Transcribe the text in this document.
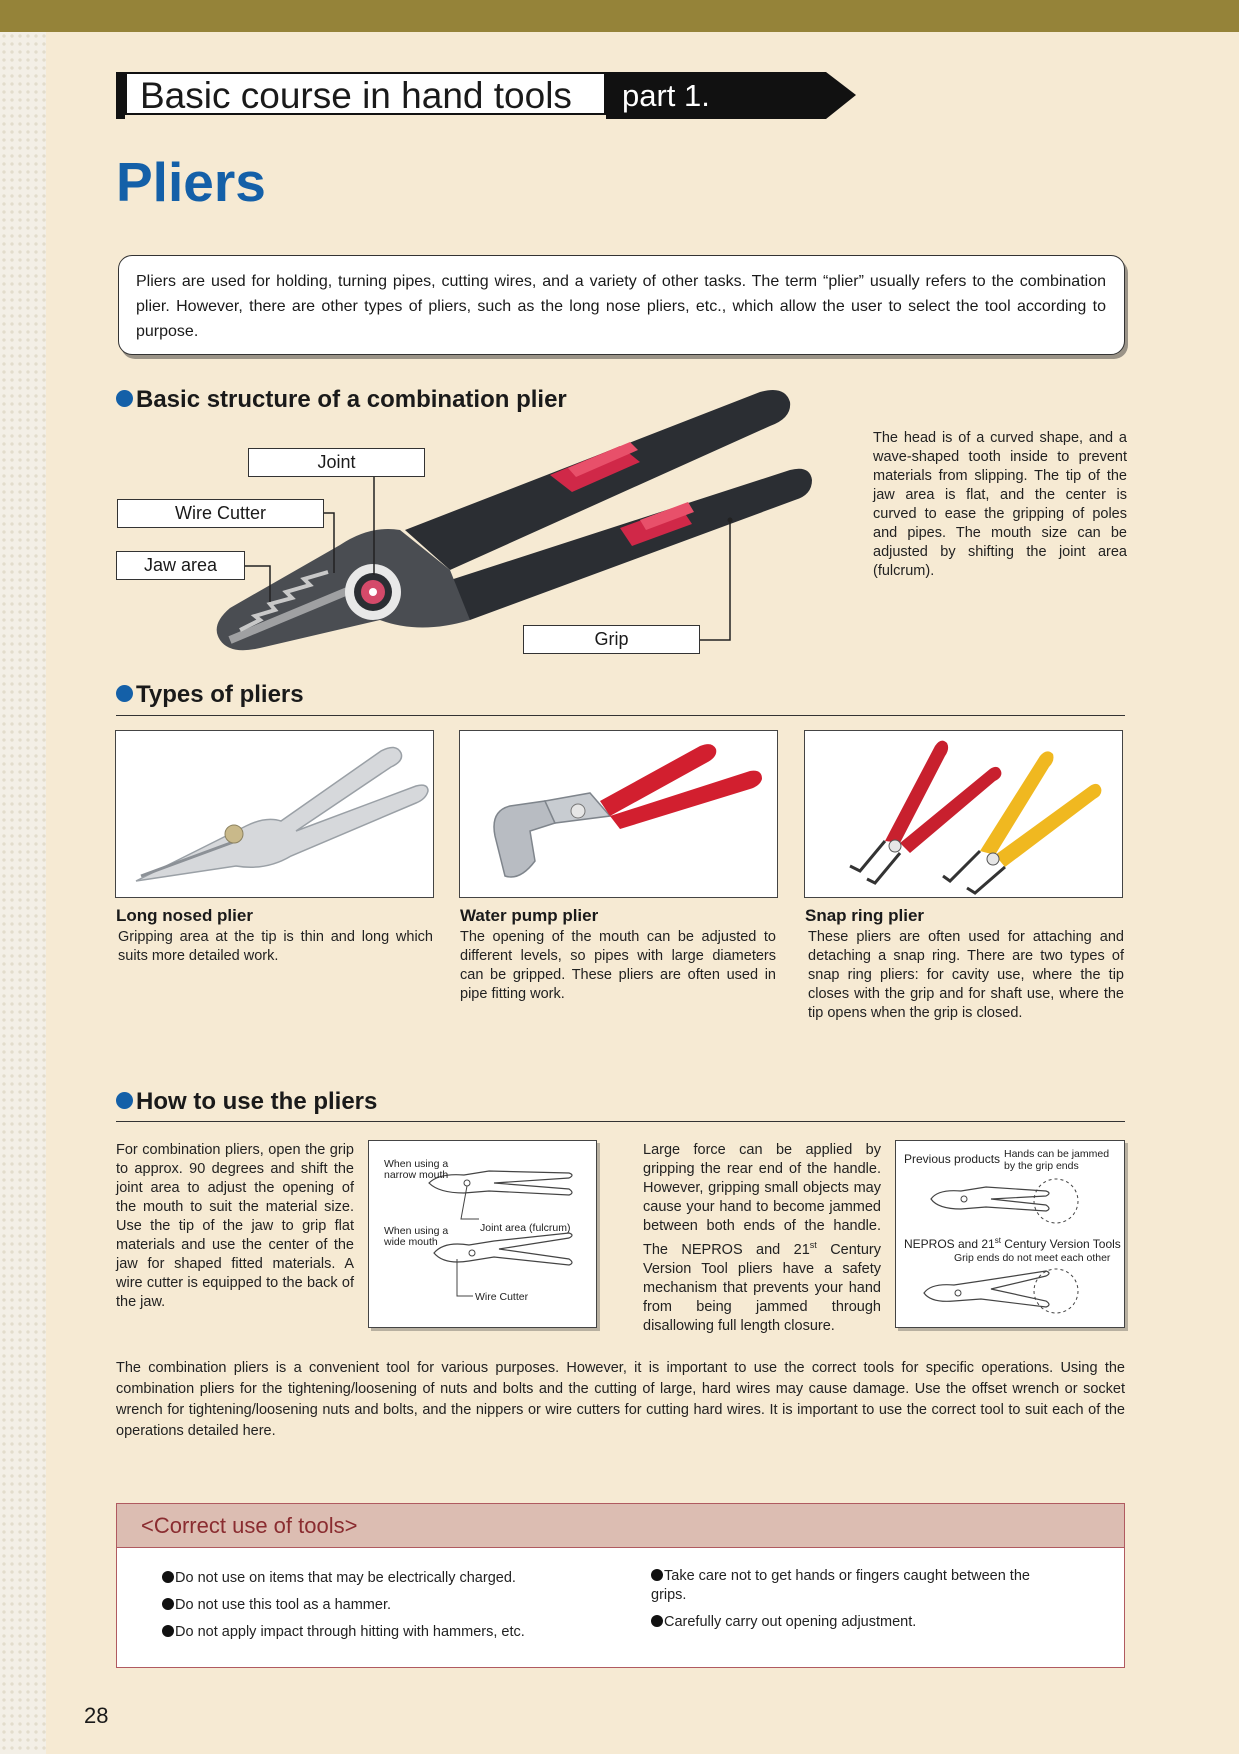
Basic course in hand tools	part 1.
Pliers
Pliers are used for holding, turning pipes, cutting wires, and a variety of other tasks. The term “plier” usually refers to the combination plier. However, there are other types of pliers, such as the long nose pliers, etc., which allow the user to select the tool according to purpose.
Basic structure of a combination plier
Joint
Wire Cutter
Jaw area
Grip
The head is of a curved shape, and a wave-shaped tooth inside to prevent materials from slipping. The tip of the jaw area is flat, and the center is curved to ease the gripping of poles and pipes. The mouth size can be adjusted by shifting the joint area (fulcrum).
Types of pliers
Long nosed plier
Gripping area at the tip is thin and long which suits more detailed work.
Water pump plier
The opening of the mouth can be adjusted to different levels, so pipes with large diameters can be gripped. These pliers are often used in pipe fitting work.
Snap ring plier
These pliers are often used for attaching and detaching a snap ring. There are two types of snap ring pliers: for cavity use, where the tip closes with the grip and for shaft use, where the tip opens when the grip is closed.
How to use the pliers
For combination pliers, open the grip to approx. 90 degrees and shift the joint area to adjust the opening of the mouth to suit the material size. Use the tip of the jaw to grip flat materials and use the center of the jaw for shaped fitted materials. A wire cutter is equipped to the back of the jaw.
When using a
narrow mouth
When using a
wide mouth
Joint area (fulcrum)
Wire Cutter
Large force can be applied by gripping the rear end of the handle. However, gripping small objects may cause your hand to become jammed between both ends of the handle. The NEPROS and 21st Century Version Tool pliers have a safety mechanism that prevents your hand from being jammed through disallowing full length closure.
Previous products Hands can be jammed
by the grip ends
NEPROS and 21st Century Version Tools
Grip ends do not meet each other
The combination pliers is a convenient tool for various purposes. However, it is important to use the correct tools for specific operations. Using the combination pliers for the tightening/loosening of nuts and bolts and the cutting of large, hard wires may cause damage. Use the offset wrench or socket wrench for tightening/loosening nuts and bolts, and the nippers or wire cutters for cutting hard wires. It is important to use the correct tool to suit each of the operations detailed here.
<Correct use of tools>
Do not use on items that may be electrically charged.
Do not use this tool as a hammer.
Do not apply impact through hitting with hammers, etc.
Take care not to get hands or fingers caught between the grips.
Carefully carry out opening adjustment.
28
